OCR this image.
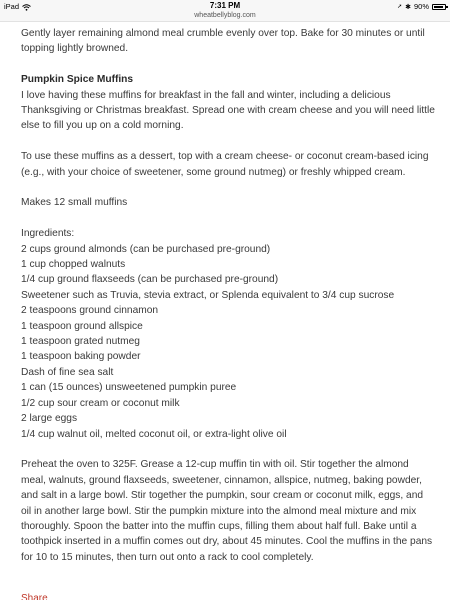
iPad	7:31 PM	➚ ✱ 90%
wheatbellyblog.com

Gently layer remaining almond meal crumble evenly over top. Bake for 30 minutes or until topping lightly browned.

Pumpkin Spice Muffins

I love having these muffins for breakfast in the fall and winter, including a delicious Thanksgiving or Christmas breakfast. Spread one with cream cheese and you will need little else to fill you up on a cold morning.

To use these muffins as a dessert, top with a cream cheese- or coconut cream-based icing (e.g., with your choice of sweetener, some ground nutmeg) or freshly whipped cream.

Makes 12 small muffins

Ingredients:

2 cups ground almonds (can be purchased pre-ground)
1 cup chopped walnuts
1/4 cup ground flaxseeds (can be purchased pre-ground)
Sweetener such as Truvia, stevia extract, or Splenda equivalent to 3/4 cup sucrose
2 teaspoons ground cinnamon
1 teaspoon ground allspice
1 teaspoon grated nutmeg
1 teaspoon baking powder
Dash of fine sea salt
1 can (15 ounces) unsweetened pumpkin puree
1/2 cup sour cream or coconut milk
2 large eggs
1/4 cup walnut oil, melted coconut oil, or extra-light olive oil

Preheat the oven to 325F. Grease a 12-cup muffin tin with oil. Stir together the almond meal, walnuts, ground flaxseeds, sweetener, cinnamon, allspice, nutmeg, baking powder, and salt in a large bowl. Stir together the pumpkin, sour cream or coconut milk, eggs, and oil in another large bowl. Stir the pumpkin mixture into the almond meal mixture and mix thoroughly. Spoon the batter into the muffin cups, filling them about half full. Bake until a toothpick inserted in a muffin comes out dry, about 45 minutes. Cool the muffins in the pans for 10 to 15 minutes, then turn out onto a rack to cool completely.

Share
